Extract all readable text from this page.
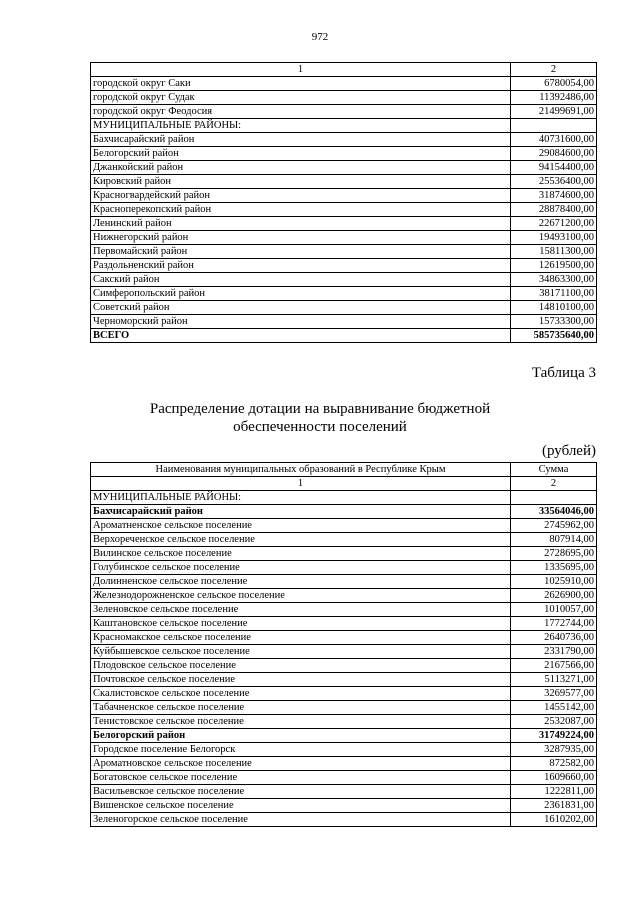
972
1	2
городской округ Саки	6780054,00
городской округ Судак	11392486,00
городской округ Феодосия	21499691,00
МУНИЦИПАЛЬНЫЕ РАЙОНЫ:	
Бахчисарайский район	40731600,00
Белогорский район	29084600,00
Джанкойский район	94154400,00
Кировский район	25536400,00
Красногвардейский район	31874600,00
Красноперекопский район	28878400,00
Ленинский район	22671200,00
Нижнегорский район	19493100,00
Первомайский район	15811300,00
Раздольненский район	12619500,00
Сакский район	34863300,00
Симферопольский район	38171100,00
Советский район	14810100,00
Черноморский район	15733300,00
ВСЕГО	585735640,00
Таблица 3
Распределение дотации на выравнивание бюджетной
обеспеченности поселений
(рублей)
Наименования муниципальных образований в Республике Крым	Сумма
1	2
МУНИЦИПАЛЬНЫЕ РАЙОНЫ:	
Бахчисарайский район	33564046,00
Ароматненское сельское поселение	2745962,00
Верхореченское сельское поселение	807914,00
Вилинское сельское поселение	2728695,00
Голубинское сельское поселение	1335695,00
Долинненское сельское поселение	1025910,00
Железнодорожненское сельское поселение	2626900,00
Зеленовское сельское поселение	1010057,00
Каштановское сельское поселение	1772744,00
Красномакское сельское поселение	2640736,00
Куйбышевское сельское поселение	2331790,00
Плодовское сельское поселение	2167566,00
Почтовское сельское поселение	5113271,00
Скалистовское сельское поселение	3269577,00
Табачненское сельское поселение	1455142,00
Тенистовское сельское поселение	2532087,00
Белогорский район	31749224,00
Городское поселение Белогорск	3287935,00
Ароматновское сельское поселение	872582,00
Богатовское сельское поселение	1609660,00
Васильевское сельское поселение	1222811,00
Вишенское сельское поселение	2361831,00
Зеленогорское сельское поселение	1610202,00
